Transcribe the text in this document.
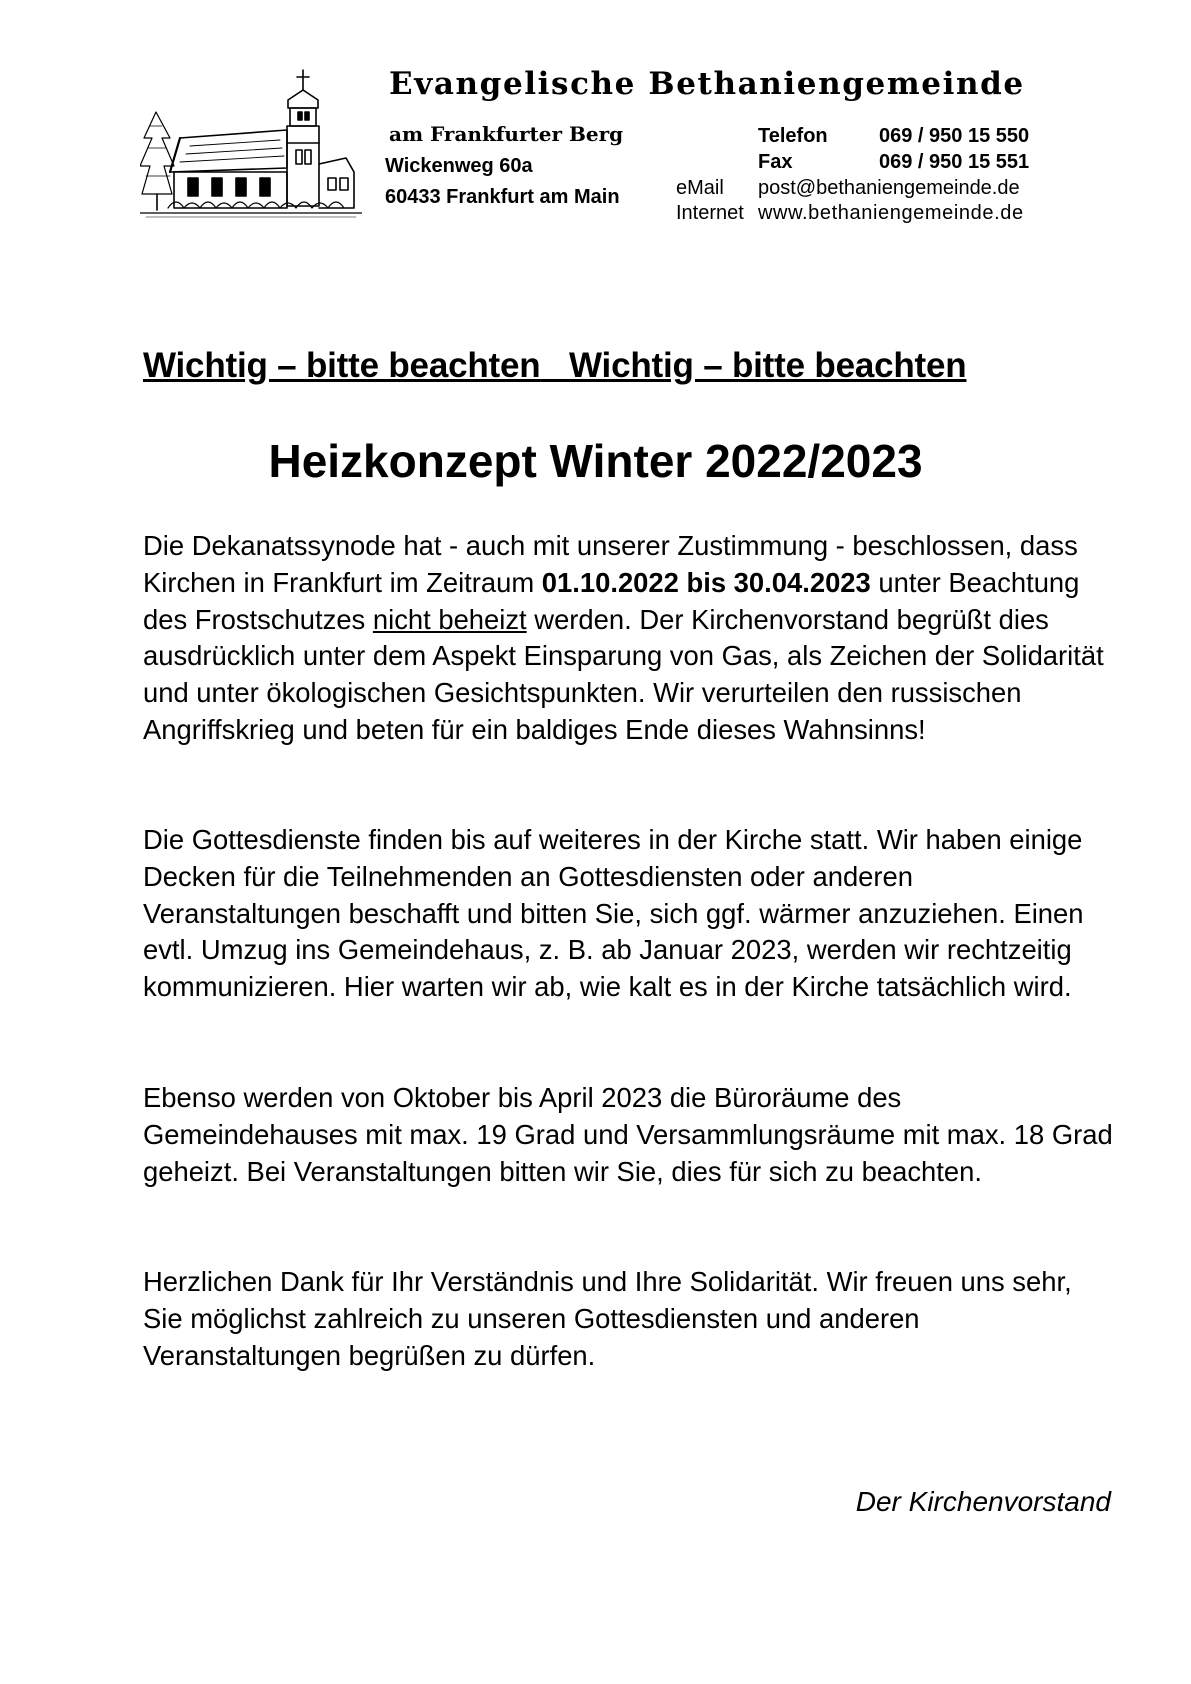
Evangelische Bethaniengemeinde
am Frankfurter Berg
Wickenweg 60a
60433 Frankfurt am Main
Telefon	069 / 950 15 550
Fax	069 / 950 15 551
eMail post@bethaniengemeinde.de
Internet www.bethaniengemeinde.de
Wichtig – bitte beachten Wichtig – bitte beachten
Heizkonzept Winter 2022/2023

Die Dekanatssynode hat - auch mit unserer Zustimmung - beschlossen, dass Kirchen in Frankfurt im Zeitraum 01.10.2022 bis 30.04.2023 unter Beachtung des Frostschutzes nicht beheizt werden. Der Kirchenvorstand begrüßt dies ausdrücklich unter dem Aspekt Einsparung von Gas, als Zeichen der Solidarität und unter ökologischen Gesichtspunkten. Wir verurteilen den russischen Angriffskrieg und beten für ein baldiges Ende dieses Wahnsinns!

Die Gottesdienste finden bis auf weiteres in der Kirche statt. Wir haben einige Decken für die Teilnehmenden an Gottesdiensten oder anderen Veranstaltungen beschafft und bitten Sie, sich ggf. wärmer anzuziehen. Einen evtl. Umzug ins Gemeindehaus, z. B. ab Januar 2023, werden wir rechtzeitig kommunizieren. Hier warten wir ab, wie kalt es in der Kirche tatsächlich wird.

Ebenso werden von Oktober bis April 2023 die Büroräume des Gemeindehauses mit max. 19 Grad und Versammlungsräume mit max. 18 Grad geheizt. Bei Veranstaltungen bitten wir Sie, dies für sich zu beachten.

Herzlichen Dank für Ihr Verständnis und Ihre Solidarität. Wir freuen uns sehr, Sie möglichst zahlreich zu unseren Gottesdiensten und anderen Veranstaltungen begrüßen zu dürfen.

Der Kirchenvorstand
